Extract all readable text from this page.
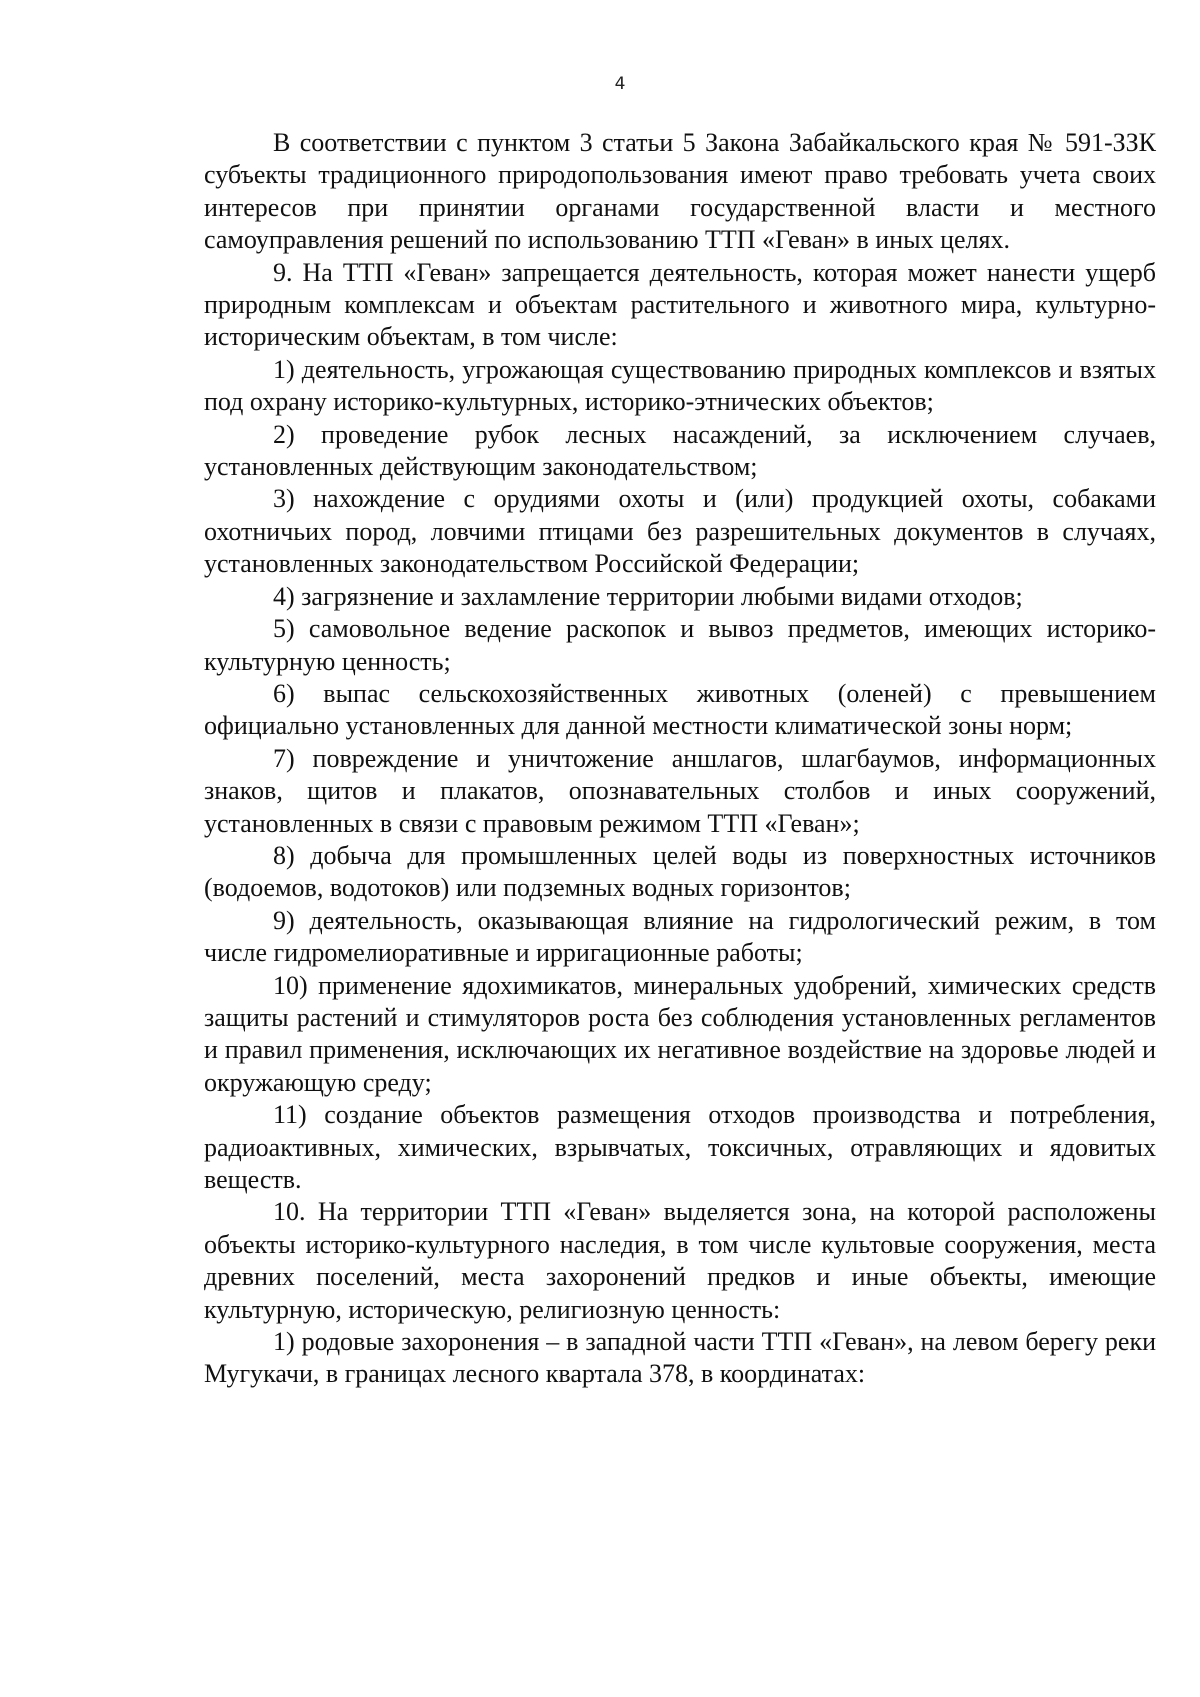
4

В соответствии с пунктом 3 статьи 5 Закона Забайкальского края № 591-ЗЗК субъекты традиционного природопользования имеют право требовать учета своих интересов при принятии органами государственной власти и местного самоуправления решений по использованию ТТП «Геван» в иных целях.

9. На ТТП «Геван» запрещается деятельность, которая может нанести ущерб природным комплексам и объектам растительного и животного мира, культурно-историческим объектам, в том числе:

1) деятельность, угрожающая существованию природных комплексов и взятых под охрану историко-культурных, историко-этнических объектов;

2) проведение рубок лесных насаждений, за исключением случаев, установленных действующим законодательством;

3) нахождение с орудиями охоты и (или) продукцией охоты, собаками охотничьих пород, ловчими птицами без разрешительных документов в случаях, установленных законодательством Российской Федерации;

4) загрязнение и захламление территории любыми видами отходов;

5) самовольное ведение раскопок и вывоз предметов, имеющих историко-культурную ценность;

6) выпас сельскохозяйственных животных (оленей) с превышением официально установленных для данной местности климатической зоны норм;

7) повреждение и уничтожение аншлагов, шлагбаумов, информационных знаков, щитов и плакатов, опознавательных столбов и иных сооружений, установленных в связи с правовым режимом ТТП «Геван»;

8) добыча для промышленных целей воды из поверхностных источников (водоемов, водотоков) или подземных водных горизонтов;

9) деятельность, оказывающая влияние на гидрологический режим, в том числе гидромелиоративные и ирригационные работы;

10) применение ядохимикатов, минеральных удобрений, химических средств защиты растений и стимуляторов роста без соблюдения установленных регламентов и правил применения, исключающих их негативное воздействие на здоровье людей и окружающую среду;

11) создание объектов размещения отходов производства и потребления, радиоактивных, химических, взрывчатых, токсичных, отравляющих и ядовитых веществ.

10. На территории ТТП «Геван» выделяется зона, на которой расположены объекты историко-культурного наследия, в том числе культовые сооружения, места древних поселений, места захоронений предков и иные объекты, имеющие культурную, историческую, религиозную ценность:

1) родовые захоронения – в западной части ТТП «Геван», на левом берегу реки Мугукачи, в границах лесного квартала 378, в координатах:
